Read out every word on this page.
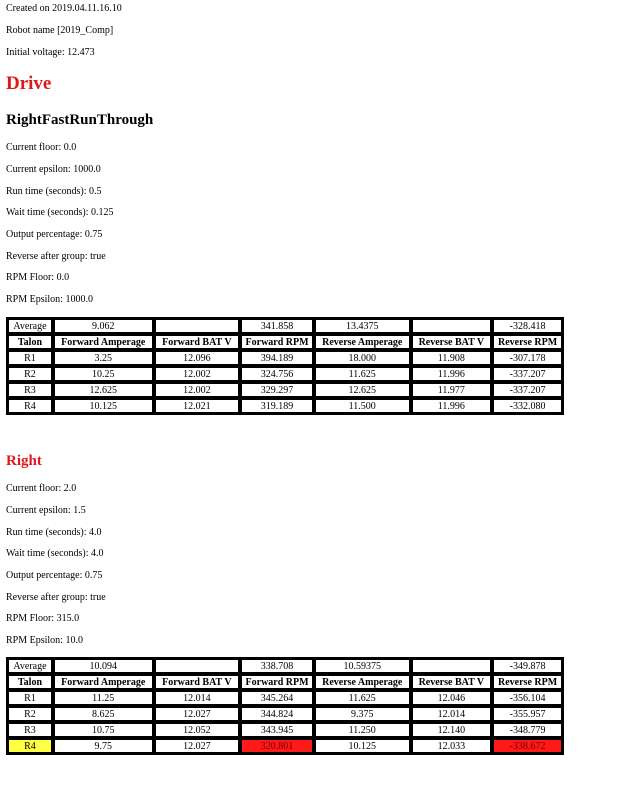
Created on 2019.04.11.16.10
Robot name [2019_Comp]
Initial voltage: 12.473
Drive
RightFastRunThrough
Current floor: 0.0
Current epsilon: 1000.0
Run time (seconds): 0.5
Wait time (seconds): 0.125
Output percentage: 0.75
Reverse after group: true
RPM Floor: 0.0
RPM Epsilon: 1000.0
Average	9.062		341.858	13.4375		-328.418
Talon	Forward Amperage	Forward BAT V	Forward RPM	Reverse Amperage	Reverse BAT V	Reverse RPM
R1	3.25	12.096	394.189	18.000	11.908	-307.178
R2	10.25	12.002	324.756	11.625	11.996	-337.207
R3	12.625	12.002	329.297	12.625	11.977	-337.207
R4	10.125	12.021	319.189	11.500	11.996	-332.080
Right
Current floor: 2.0
Current epsilon: 1.5
Run time (seconds): 4.0
Wait time (seconds): 4.0
Output percentage: 0.75
Reverse after group: true
RPM Floor: 315.0
RPM Epsilon: 10.0
Average	10.094		338.708	10.59375		-349.878
Talon	Forward Amperage	Forward BAT V	Forward RPM	Reverse Amperage	Reverse BAT V	Reverse RPM
R1	11.25	12.014	345.264	11.625	12.046	-356.104
R2	8.625	12.027	344.824	9.375	12.014	-355.957
R3	10.75	12.052	343.945	11.250	12.140	-348.779
R4	9.75	12.027	320.801	10.125	12.033	-338.672
